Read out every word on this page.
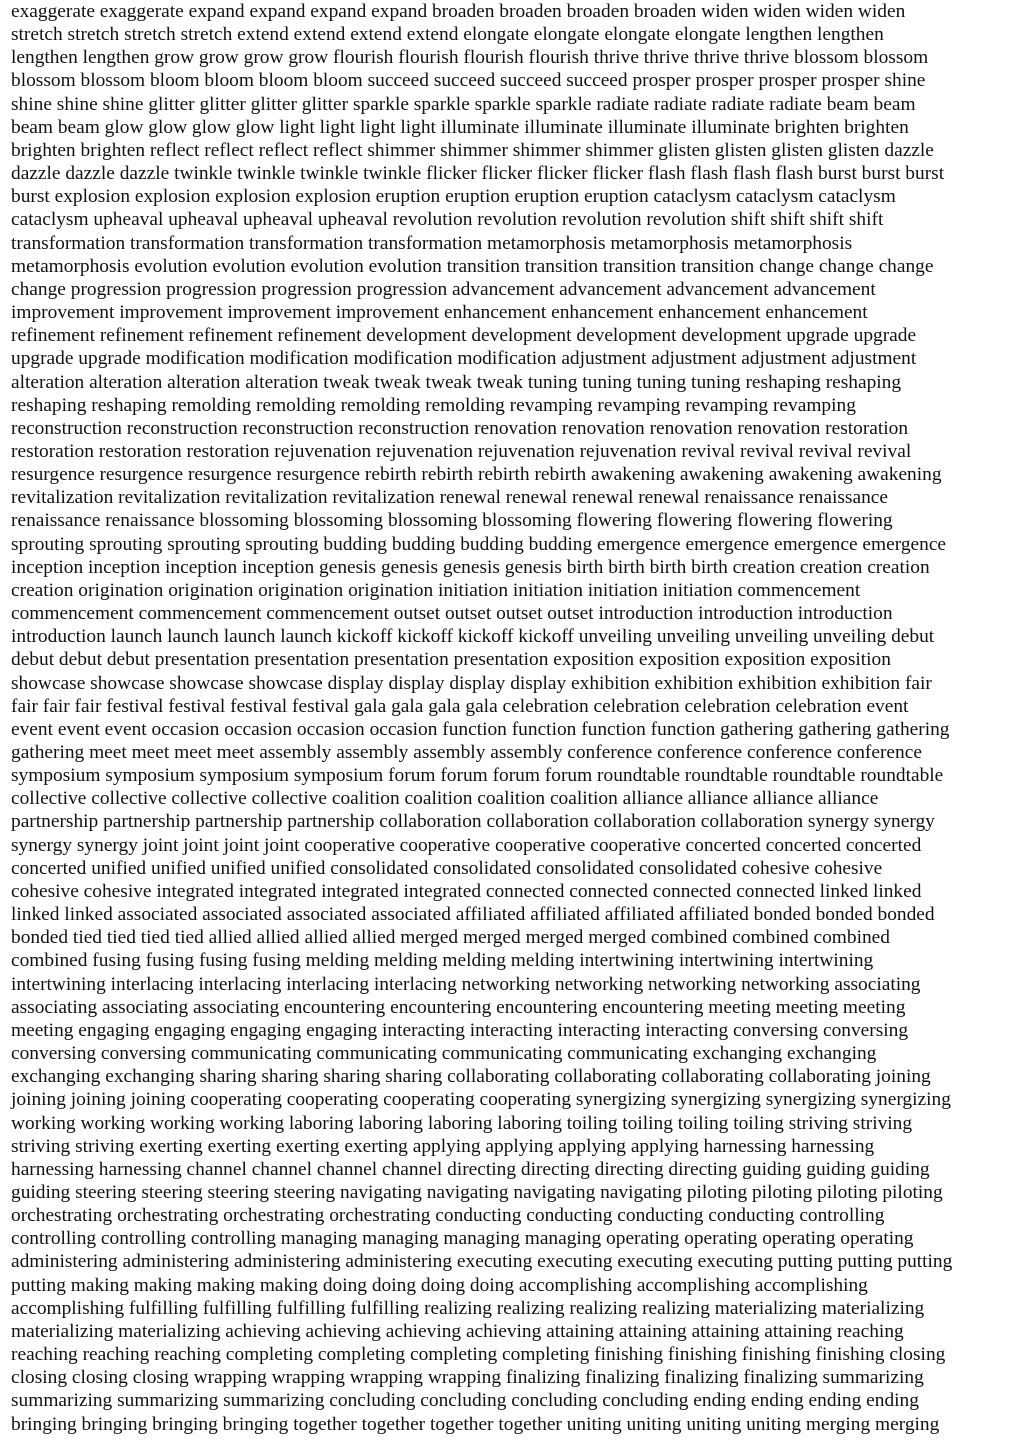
exaggerate exaggerate expand expand expand expand broaden broaden broaden broaden widen widen widen widen
stretch stretch stretch stretch extend extend extend extend elongate elongate elongate elongate lengthen lengthen
lengthen lengthen grow grow grow grow flourish flourish flourish flourish thrive thrive thrive thrive blossom blossom
blossom blossom bloom bloom bloom bloom succeed succeed succeed succeed prosper prosper prosper prosper shine
shine shine shine glitter glitter glitter glitter sparkle sparkle sparkle sparkle radiate radiate radiate radiate beam beam
beam beam glow glow glow glow light light light light illuminate illuminate illuminate illuminate brighten brighten
brighten brighten reflect reflect reflect reflect shimmer shimmer shimmer shimmer glisten glisten glisten glisten dazzle
dazzle dazzle dazzle twinkle twinkle twinkle twinkle flicker flicker flicker flicker flash flash flash flash burst burst burst
burst explosion explosion explosion explosion eruption eruption eruption eruption cataclysm cataclysm cataclysm
cataclysm upheaval upheaval upheaval upheaval revolution revolution revolution revolution shift shift shift shift
transformation transformation transformation transformation metamorphosis metamorphosis metamorphosis
metamorphosis evolution evolution evolution evolution transition transition transition transition change change change
change progression progression progression progression advancement advancement advancement advancement
improvement improvement improvement improvement enhancement enhancement enhancement enhancement
refinement refinement refinement refinement development development development development upgrade upgrade
upgrade upgrade modification modification modification modification adjustment adjustment adjustment adjustment
alteration alteration alteration alteration tweak tweak tweak tweak tuning tuning tuning tuning reshaping reshaping
reshaping reshaping remolding remolding remolding remolding revamping revamping revamping revamping
reconstruction reconstruction reconstruction reconstruction renovation renovation renovation renovation restoration
restoration restoration restoration rejuvenation rejuvenation rejuvenation rejuvenation revival revival revival revival
resurgence resurgence resurgence resurgence rebirth rebirth rebirth rebirth awakening awakening awakening awakening
revitalization revitalization revitalization revitalization renewal renewal renewal renewal renaissance renaissance
renaissance renaissance blossoming blossoming blossoming blossoming flowering flowering flowering flowering
sprouting sprouting sprouting sprouting budding budding budding budding emergence emergence emergence emergence
inception inception inception inception genesis genesis genesis genesis birth birth birth birth creation creation creation
creation origination origination origination origination initiation initiation initiation initiation commencement
commencement commencement commencement outset outset outset outset introduction introduction introduction
introduction launch launch launch launch kickoff kickoff kickoff kickoff unveiling unveiling unveiling unveiling debut
debut debut debut presentation presentation presentation presentation exposition exposition exposition exposition
showcase showcase showcase showcase display display display display exhibition exhibition exhibition exhibition fair
fair fair fair festival festival festival festival gala gala gala gala celebration celebration celebration celebration event
event event event occasion occasion occasion occasion function function function function gathering gathering gathering
gathering meet meet meet meet assembly assembly assembly assembly conference conference conference conference
symposium symposium symposium symposium forum forum forum forum roundtable roundtable roundtable roundtable
collective collective collective collective coalition coalition coalition coalition alliance alliance alliance alliance
partnership partnership partnership partnership collaboration collaboration collaboration collaboration synergy synergy
synergy synergy joint joint joint joint cooperative cooperative cooperative cooperative concerted concerted concerted
concerted unified unified unified unified consolidated consolidated consolidated consolidated cohesive cohesive
cohesive cohesive integrated integrated integrated integrated connected connected connected connected linked linked
linked linked associated associated associated associated affiliated affiliated affiliated affiliated bonded bonded bonded
bonded tied tied tied tied allied allied allied allied merged merged merged merged combined combined combined
combined fusing fusing fusing fusing melding melding melding melding intertwining intertwining intertwining
intertwining interlacing interlacing interlacing interlacing networking networking networking networking associating
associating associating associating encountering encountering encountering encountering meeting meeting meeting
meeting engaging engaging engaging engaging interacting interacting interacting interacting conversing conversing
conversing conversing communicating communicating communicating communicating exchanging exchanging
exchanging exchanging sharing sharing sharing sharing collaborating collaborating collaborating collaborating joining
joining joining joining cooperating cooperating cooperating cooperating synergizing synergizing synergizing synergizing
working working working working laboring laboring laboring laboring toiling toiling toiling toiling striving striving
striving striving exerting exerting exerting exerting applying applying applying applying harnessing harnessing
harnessing harnessing channel channel channel channel directing directing directing directing guiding guiding guiding
guiding steering steering steering steering navigating navigating navigating navigating piloting piloting piloting piloting
orchestrating orchestrating orchestrating orchestrating conducting conducting conducting conducting controlling
controlling controlling controlling managing managing managing managing operating operating operating operating
administering administering administering administering executing executing executing executing putting putting putting
putting making making making making doing doing doing doing accomplishing accomplishing accomplishing
accomplishing fulfilling fulfilling fulfilling fulfilling realizing realizing realizing realizing materializing materializing
materializing materializing achieving achieving achieving achieving attaining attaining attaining attaining reaching
reaching reaching reaching completing completing completing completing finishing finishing finishing finishing closing
closing closing closing wrapping wrapping wrapping wrapping finalizing finalizing finalizing finalizing summarizing
summarizing summarizing summarizing concluding concluding concluding concluding ending ending ending ending
bringing bringing bringing bringing together together together together uniting uniting uniting uniting merging merging
